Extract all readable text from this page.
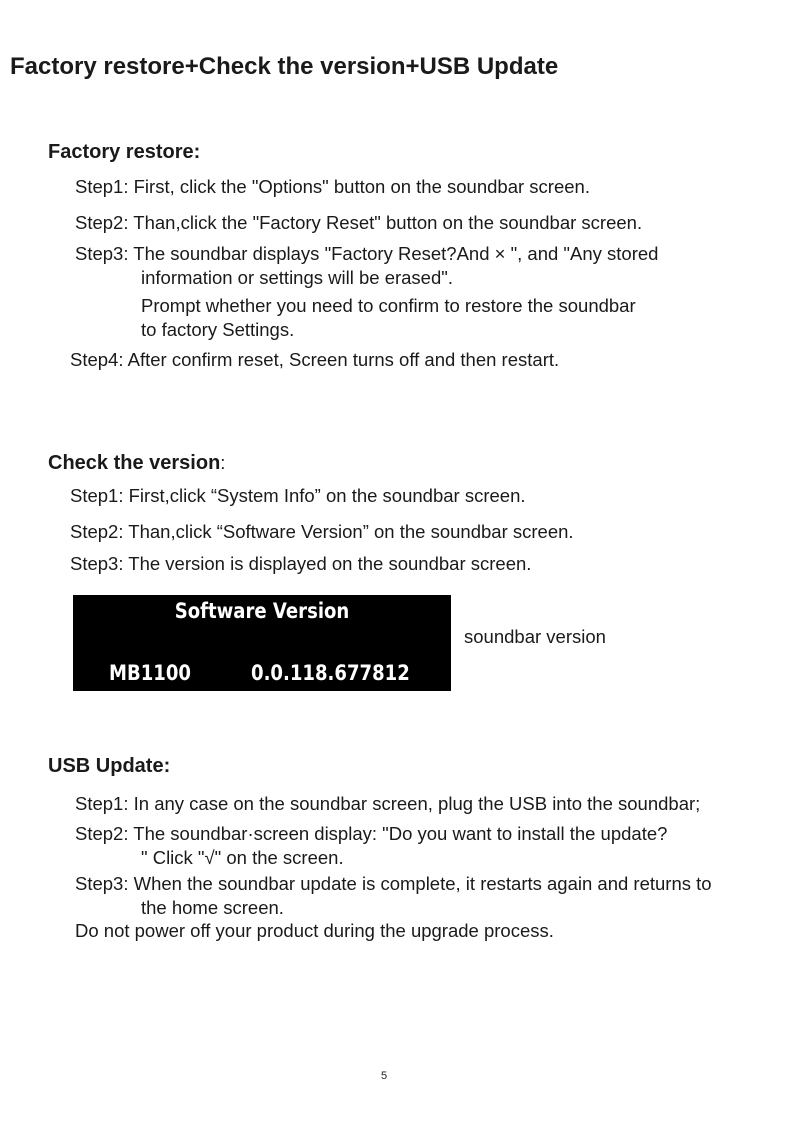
Factory restore+Check the version+USB Update
Factory restore:
Step1: First, click the "Options" button on the soundbar screen.
Step2: Than,click the "Factory Reset" button on the soundbar screen.
Step3: The soundbar displays "Factory Reset?And × ", and "Any stored
information or settings will be erased".
Prompt whether you need to confirm to restore the soundbar
to factory Settings.
Step4: After confirm reset, Screen turns off and then restart.
Check the version:
Step1: First,click “System Info” on the soundbar screen.
Step2: Than,click “Software Version” on the soundbar screen.
Step3: The version is displayed on the soundbar screen.
Software Version
MB1100	0.0.118.677812
soundbar version
USB Update:
Step1: In any case on the soundbar screen, plug the USB into the soundbar;
Step2: The soundbar·screen display: "Do you want to install the update?
" Click "√" on the screen.
Step3: When the soundbar update is complete, it restarts again and returns to
the home screen.
Do not power off your product during the upgrade process.
5
